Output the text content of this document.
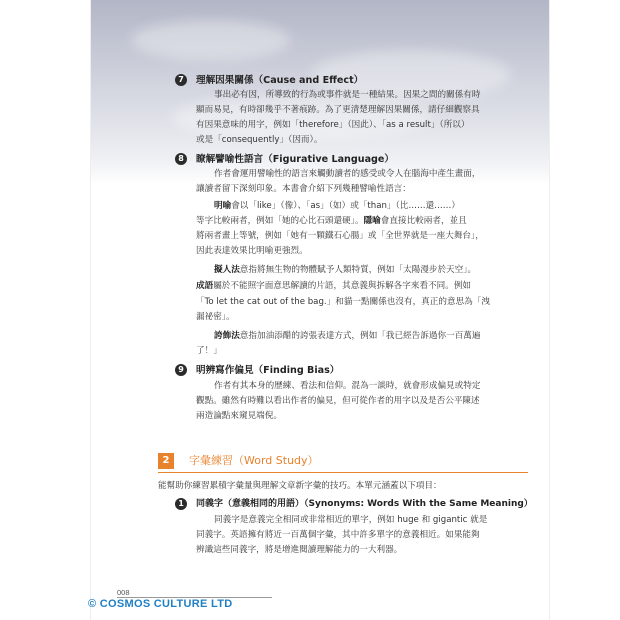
7	理解因果關係（Cause and Effect）
事出必有因，所導致的行為或事件就是一種結果。因果之間的關係有時
顯而易見，有時卻幾乎不著痕跡。為了更清楚理解因果關係，請仔細觀察具
有因果意味的用字，例如「therefore」（因此）、「as a result」（所以）
或是「consequently」（因而）。
8	瞭解譬喻性語言（Figurative Language）
作者會運用譬喻性的語言來觸動讀者的感受或令人在腦海中產生畫面，
讓讀者留下深刻印象。本書會介紹下列幾種譬喻性語言：
明喻會以「like」（像）、「as」（如）或「than」（比……還……）
等字比較兩者，例如「她的心比石頭還硬」。隱喻會直接比較兩者，並且
將兩者畫上等號，例如「她有一顆鐵石心腸」或「全世界就是一座大舞台」，
因此表達效果比明喻更強烈。
擬人法意指將無生物的物體賦予人類特質，例如「太陽漫步於天空」。
成語屬於不能照字面意思解讀的片語，其意義與拆解各字來看不同。例如
「To let the cat out of the bag.」和貓一點關係也沒有，真正的意思為「洩
漏祕密」。
誇飾法意指加油添醋的誇張表達方式，例如「我已經告訴過你一百萬遍
了！」
9	明辨寫作偏見（Finding Bias）
作者有其本身的歷練、看法和信仰。混為一談時，就會形成偏見或特定
觀點。雖然有時難以看出作者的偏見，但可從作者的用字以及是否公平陳述
兩造論點來窺見端倪。
2	字彙練習（Word Study）
能幫助你練習累積字彙量與理解文章新字彙的技巧。本單元涵蓋以下項目：
1	同義字（意義相同的用語）（Synonyms: Words With the Same Meaning）
同義字是意義完全相同或非常相近的單字，例如 huge 和 gigantic 就是
同義字。英語擁有將近一百萬個字彙，其中許多單字的意義相近。如果能夠
辨識這些同義字，將是增進閱讀理解能力的一大利器。
008
© COSMOS CULTURE LTD
